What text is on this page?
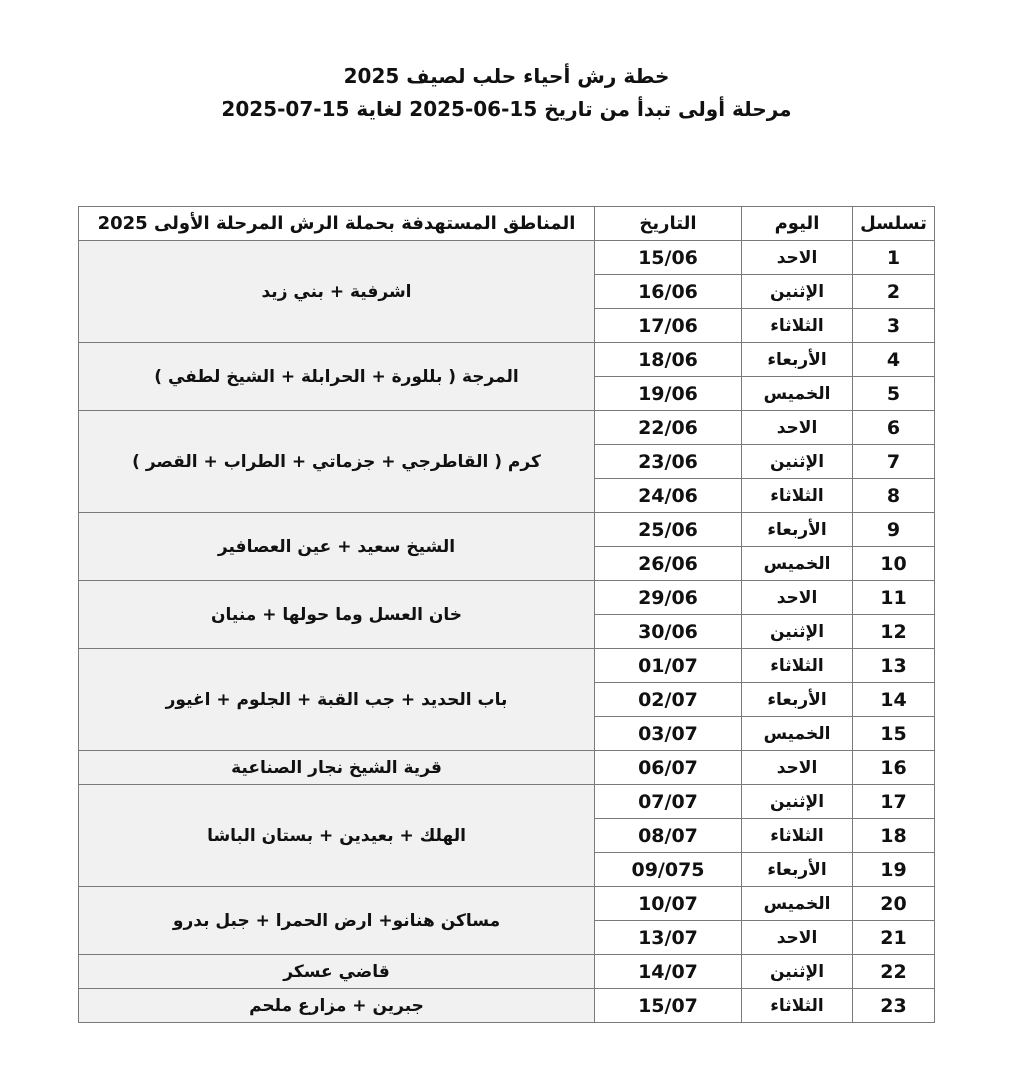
خطة رش أحياء حلب لصيف 2025
مرحلة أولى تبدأ من تاريخ 15-06-2025 لغاية 15-07-2025
تسلسل	اليوم	التاريخ	المناطق المستهدفة بحملة الرش المرحلة الأولى 2025
1	الاحد	15/06	اشرفية + بني زيد
2	الإثنين	16/06	
3	الثلاثاء	17/06	
4	الأربعاء	18/06	المرجة ( بللورة + الحرابلة + الشيخ لطفي )
5	الخميس	19/06	
6	الاحد	22/06	كرم ( القاطرجي + جزماتي + الطراب + القصر )
7	الإثنين	23/06	
8	الثلاثاء	24/06	
9	الأربعاء	25/06	الشيخ سعيد + عين العصافير
10	الخميس	26/06	
11	الاحد	29/06	خان العسل وما حولها + منيان
12	الإثنين	30/06	
13	الثلاثاء	01/07	باب الحديد + جب القبة + الجلوم + اغيور
14	الأربعاء	02/07	
15	الخميس	03/07	
16	الاحد	06/07	قرية الشيخ نجار الصناعية
17	الإثنين	07/07	الهلك + بعيدين + بستان الباشا
18	الثلاثاء	08/07	
19	الأربعاء	09/075	
20	الخميس	10/07	مساكن هنانو+ ارض الحمرا + جبل بدرو
21	الاحد	13/07	
22	الإثنين	14/07	قاضي عسكر
23	الثلاثاء	15/07	جبرين + مزارع ملحم
